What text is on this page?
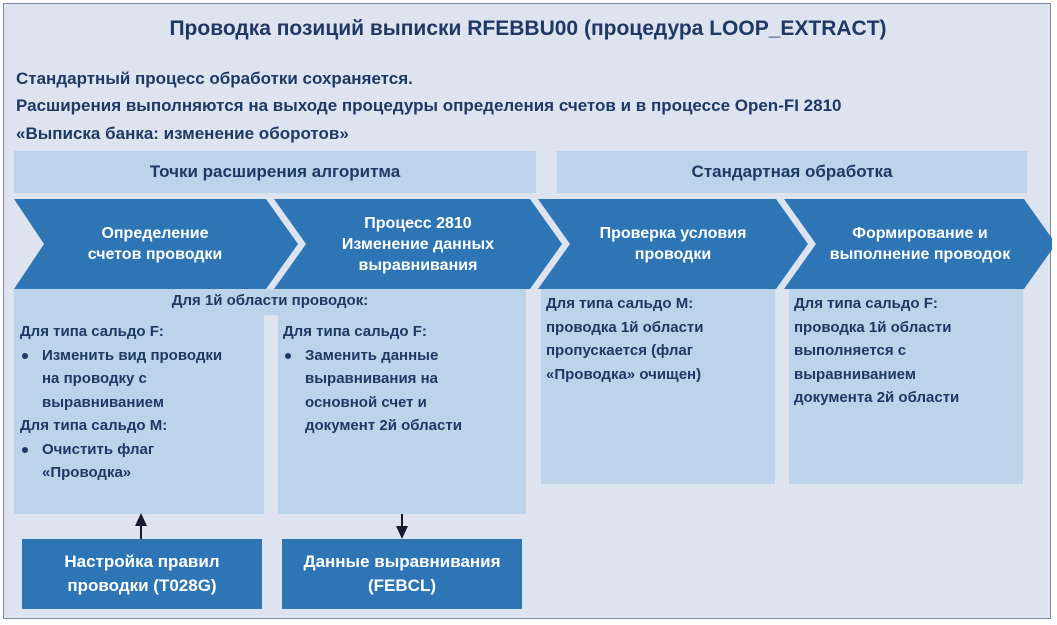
Проводка позиций выписки RFEBBU00 (процедура LOOP_EXTRACT)
Стандартный процесс обработки сохраняется.
Расширения выполняются на выходе процедуры определения счетов и в процессе Open-FI 2810
«Выписка банка: изменение оборотов»
Точки расширения алгоритма	Стандартная обработка
Определение
счетов проводки
Процесс 2810
Изменение данных
выравнивания
Проверка условия
проводки
Формирование и
выполнение проводок
Для 1й области проводок:
Для типа сальдо F:
Изменить вид проводки
на проводку с
выравниванием
Для типа сальдо M:
Очистить флаг
«Проводка»
Для типа сальдо F:
Заменить данные
выравнивания на
основной счет и
документ 2й области
Для типа сальдо M:
проводка 1й области
пропускается (флаг
«Проводка» очищен)
Для типа сальдо F:
проводка 1й области
выполняется с
выравниванием
документа 2й области
Настройка правил
проводки (T028G)
Данные выравнивания
(FEBCL)
